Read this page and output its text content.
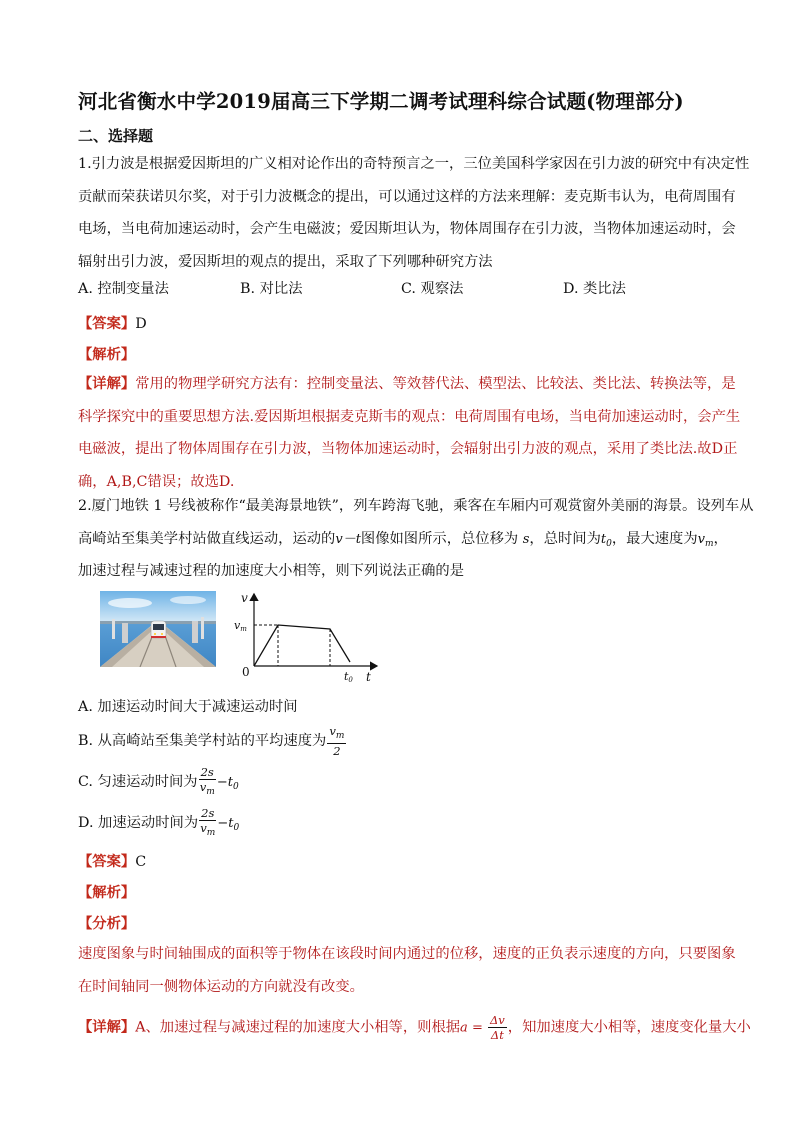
河北省衡水中学2019届高三下学期二调考试理科综合试题(物理部分)
二、选择题
1.引力波是根据爱因斯坦的广义相对论作出的奇特预言之一，三位美国科学家因在引力波的研究中有决定性
贡献而荣获诺贝尔奖，对于引力波概念的提出，可以通过这样的方法来理解：麦克斯韦认为，电荷周围有
电场，当电荷加速运动时，会产生电磁波；爱因斯坦认为，物体周围存在引力波，当物体加速运动时，会
辐射出引力波，爱因斯坦的观点的提出，采取了下列哪种研究方法
A. 控制变量法	B. 对比法	C. 观察法	D. 类比法
【答案】D
【解析】
【详解】常用的物理学研究方法有：控制变量法、等效替代法、模型法、比较法、类比法、转换法等，是
科学探究中的重要思想方法.爱因斯坦根据麦克斯韦的观点：电荷周围有电场，当电荷加速运动时，会产生
电磁波，提出了物体周围存在引力波，当物体加速运动时，会辐射出引力波的观点，采用了类比法.故D正
确，A,B,C错误；故选D.
2.厦门地铁 1 号线被称作“最美海景地铁”，列车跨海飞驰，乘客在车厢内可观赏窗外美丽的海景。设列车从
高崎站至集美学村站做直线运动，运动的v－t图像如图所示，总位移为 s，总时间为$t_0$，最大速度为$v_m$，
加速过程与减速过程的加速度大小相等，则下列说法正确的是
v
vm
0	t0 t
A. 加速运动时间大于减速运动时间
B. 从高崎站至集美学村站的平均速度为 $\frac{v_m}{2}$
C. 匀速运动时间为 $\frac{2s}{v_m} -t_0$
D. 加速运动时间为 $\frac{2s}{v_m} -t_0$
【答案】C
【解析】
【分析】
速度图象与时间轴围成的面积等于物体在该段时间内通过的位移，速度的正负表示速度的方向，只要图象
在时间轴同一侧物体运动的方向就没有改变。
【详解】A、加速过程与减速过程的加速度大小相等，则根据$a = \frac{\Delta v}{\Delta t}$ ，知加速度大小相等，速度变化量大小
